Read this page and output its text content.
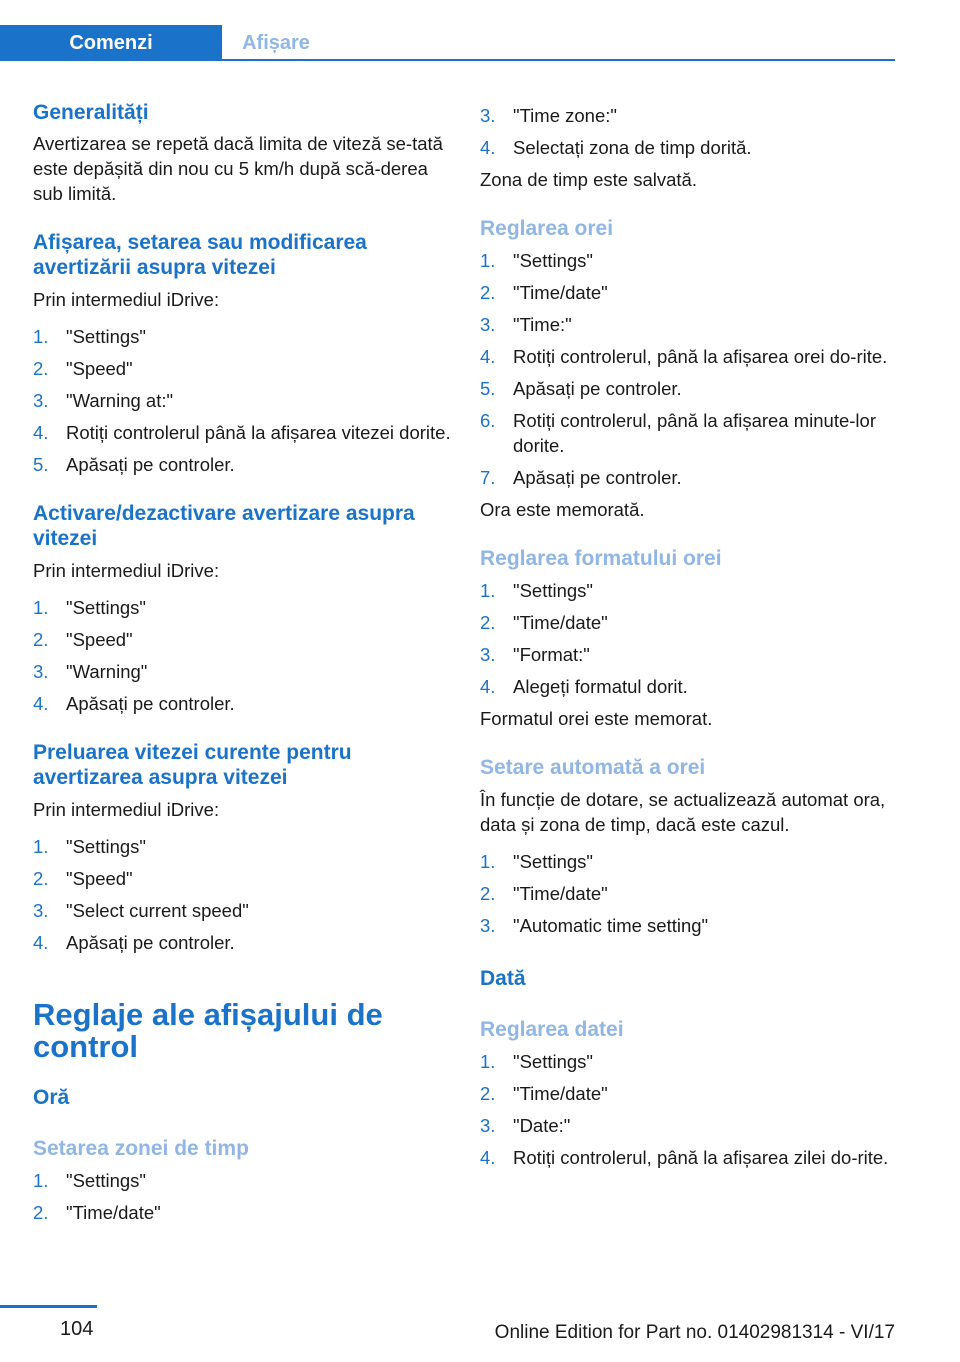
Comenzi	Afișare
Generalități
Avertizarea se repetă dacă limita de viteză se-tată este depășită din nou cu 5 km/h după scă-derea sub limită.
Afișarea, setarea sau modificarea avertizării asupra vitezei
Prin intermediul iDrive:
1. "Settings"
2. "Speed"
3. "Warning at:"
4. Rotiți controlerul până la afișarea vitezei dorite.
5. Apăsați pe controler.
Activare/dezactivare avertizare asupra vitezei
Prin intermediul iDrive:
1. "Settings"
2. "Speed"
3. "Warning"
4. Apăsați pe controler.
Preluarea vitezei curente pentru avertizarea asupra vitezei
Prin intermediul iDrive:
1. "Settings"
2. "Speed"
3. "Select current speed"
4. Apăsați pe controler.
Reglaje ale afișajului de control
Oră
Setarea zonei de timp
1. "Settings"
2. "Time/date"
3. "Time zone:"
4. Selectați zona de timp dorită.
Zona de timp este salvată.
Reglarea orei
1. "Settings"
2. "Time/date"
3. "Time:"
4. Rotiți controlerul, până la afișarea orei do-rite.
5. Apăsați pe controler.
6. Rotiți controlerul, până la afișarea minute-lor dorite.
7. Apăsați pe controler.
Ora este memorată.
Reglarea formatului orei
1. "Settings"
2. "Time/date"
3. "Format:"
4. Alegeți formatul dorit.
Formatul orei este memorat.
Setare automată a orei
În funcție de dotare, se actualizează automat ora, data și zona de timp, dacă este cazul.
1. "Settings"
2. "Time/date"
3. "Automatic time setting"
Dată
Reglarea datei
1. "Settings"
2. "Time/date"
3. "Date:"
4. Rotiți controlerul, până la afișarea zilei do-rite.
104	Online Edition for Part no. 01402981314 - VI/17
